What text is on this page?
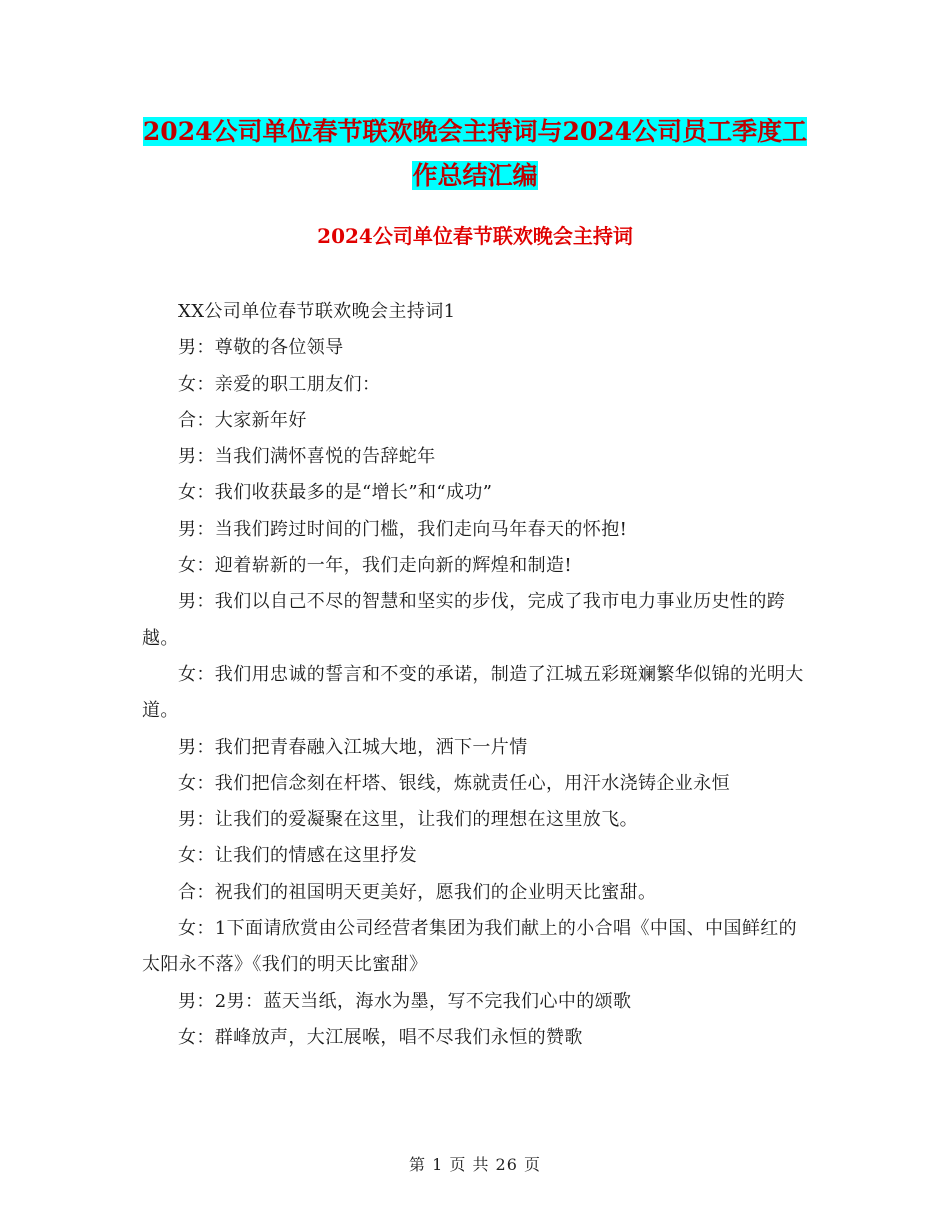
2024公司单位春节联欢晚会主持词与2024公司员工季度工作总结汇编
2024公司单位春节联欢晚会主持词

XX公司单位春节联欢晚会主持词1

男：尊敬的各位领导

女：亲爱的职工朋友们：

合：大家新年好

男：当我们满怀喜悦的告辞蛇年

女：我们收获最多的是“增长”和“成功”

男：当我们跨过时间的门槛，我们走向马年春天的怀抱!

女：迎着崭新的一年，我们走向新的辉煌和制造!

男：我们以自己不尽的智慧和坚实的步伐，完成了我市电力事业历史性的跨越。

女：我们用忠诚的誓言和不变的承诺，制造了江城五彩斑斓繁华似锦的光明大道。

男：我们把青春融入江城大地，洒下一片情

女：我们把信念刻在杆塔、银线，炼就责任心，用汗水浇铸企业永恒

男：让我们的爱凝聚在这里，让我们的理想在这里放飞。

女：让我们的情感在这里抒发

合：祝我们的祖国明天更美好，愿我们的企业明天比蜜甜。

女：1下面请欣赏由公司经营者集团为我们献上的小合唱《中国、中国鲜红的太阳永不落》《我们的明天比蜜甜》

男：2男：蓝天当纸，海水为墨，写不完我们心中的颂歌

女：群峰放声，大江展喉，唱不尽我们永恒的赞歌

第 1 页 共 26 页
